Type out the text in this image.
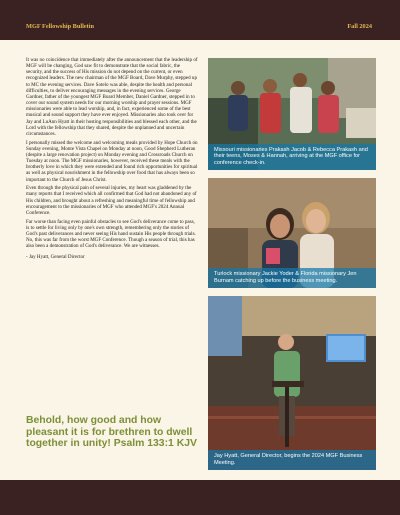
MGF Fellowship Bulletin	Fall 2024

It was no coincidence that immediately after the announcement that the leadership of MGF will be changing, God saw fit to demonstrate that the social fabric, the security, and the success of His mission do not depend on the current, or even recognized leaders. The new chairman of the MGF Board, Dave Murphy, stepped up to MC the evening services. Dave Sotelo was able, despite the health and personal difficulties, to deliver encouraging messages in the evening services. George Gardner, father of the youngest MGF Board Member, Daniel Gardner, stepped in to cover our sound system needs for our morning worship and prayer sessions. MGF missionaries were able to lead worship, and, in fact, experienced some of the best musical and sound support they have ever enjoyed. Missionaries also took over for Jay and LuAnn Hyatt in their hosting responsibilities and blessed each other, and the Lord with the fellowship that they shared, despite the unplanned and uncertain circumstances.

I personally missed the welcome and welcoming meals provided by Hope Church on Sunday evening, Monte Vista Chapel on Monday at noon, Good Shepherd Lutheran (despite a large renovation project) on Monday evening and Crossroads Church on Tuesday at noon. The MGF missionaries, however, received these meals with the brotherly love in which they were extended and found rich opportunities for spiritual as well as physical nourishment in the fellowship over food that has always been so important to the Church of Jesus Christ.

Even through the physical pain of several injuries, my heart was gladdened by the many reports that I received which all confirmed that God had not abandoned any of His children, and brought about a refreshing and meaningful time of fellowship and encouragement to the missionaries of MGF who attended MGF's 2024 Annual Conference.

Far worse than facing even painful obstacles to see God's deliverance come to pass, is to settle for living only by one's own strength, remembering only the stories of God's past deliverances and never seeing His hand sustain His people through trials. No, this was far from the worst MGF Conference. Though a season of trial, this has also been a demonstration of God's deliverance. We are witnesses.

- Jay Hyatt, General Director

Behold, how good and how pleasant it is for brethren to dwell together in unity! Psalm 133:1 KJV
Missouri missionaries Prakash Jacob & Rebecca Prakash and their teens, Moses & Hannah, arriving at the MGF office for conference check-in.
Turlock missionary Jackie Yoder & Florida missionary Jen Burnam catching up before the business meeting.
Jay Hyatt, General Director, begins the 2024 MGF Business Meeting.
